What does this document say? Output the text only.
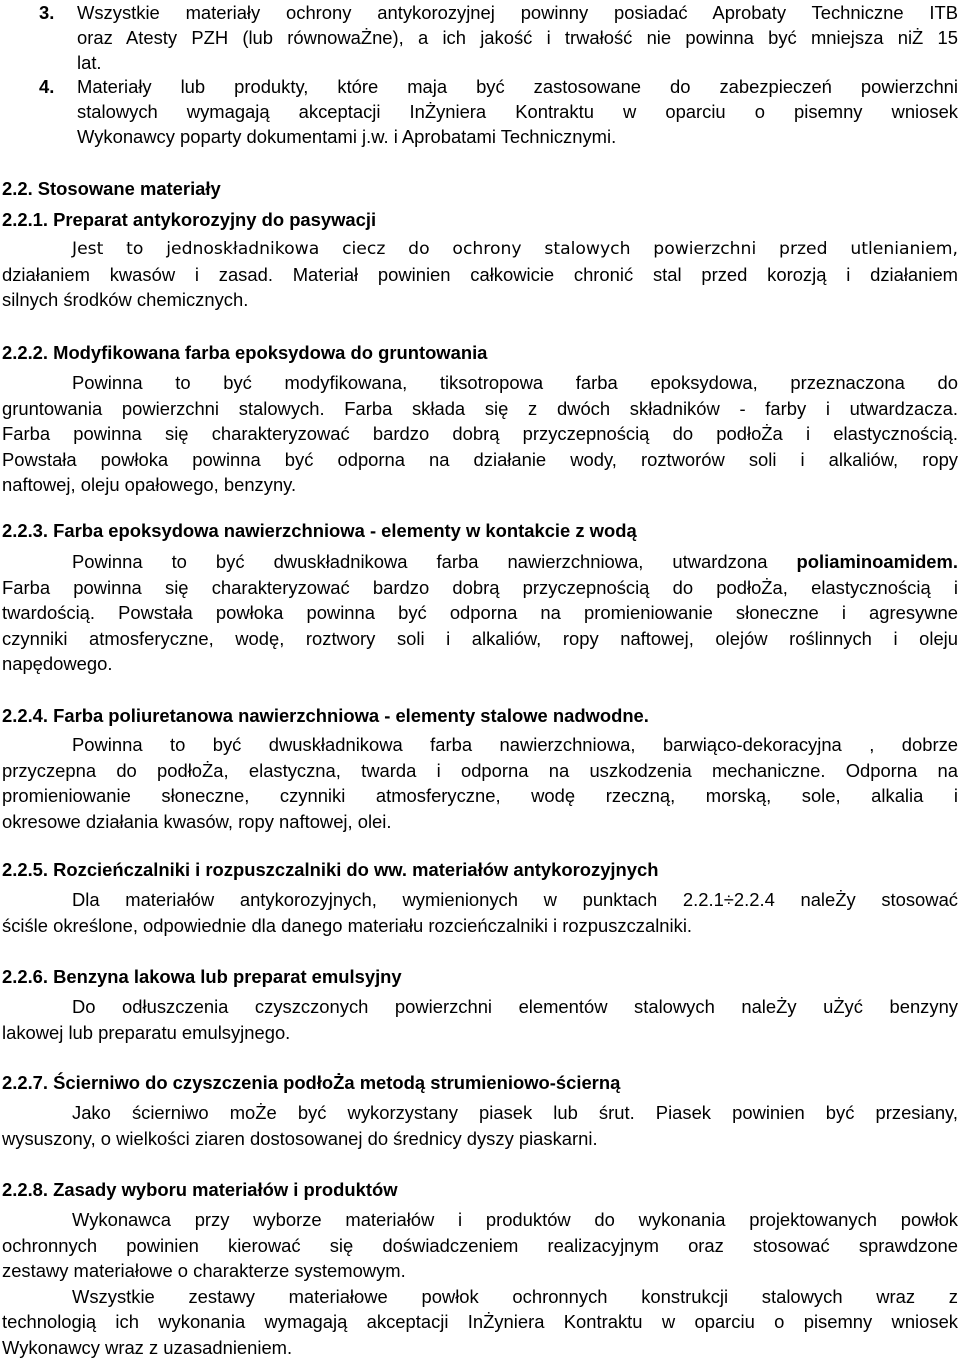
3. Wszystkie materiały ochrony antykorozyjnej powinny posiadać Aprobaty Techniczne ITB
oraz Atesty PZH (lub równowaŻne), a ich jakość i trwałość nie powinna być mniejsza niŻ 15
lat.
4. Materiały lub produkty, które maja być zastosowane do zabezpieczeń powierzchni
stalowych wymagają akceptacji InŻyniera Kontraktu w oparciu o pisemny wniosek
Wykonawcy poparty dokumentami j.w. i Aprobatami Technicznymi.
2.2. Stosowane materiały
2.2.1. Preparat antykorozyjny do pasywacji
Jest to jednoskładnikowa ciecz do ochrony stalowych powierzchni przed utlenianiem,
działaniem kwasów i zasad. Materiał powinien całkowicie chronić stal przed korozją i działaniem
silnych środków chemicznych.
2.2.2. Modyfikowana farba epoksydowa do gruntowania
Powinna to być modyfikowana, tiksotropowa farba epoksydowa, przeznaczona do
gruntowania powierzchni stalowych. Farba składa się z dwóch składników - farby i utwardzacza.
Farba powinna się charakteryzować bardzo dobrą przyczepnością do podłoŻa i elastycznością.
Powstała powłoka powinna być odporna na działanie wody, roztworów soli i alkaliów, ropy
naftowej, oleju opałowego, benzyny.
2.2.3. Farba epoksydowa nawierzchniowa - elementy w kontakcie z wodą
Powinna to być dwuskładnikowa farba nawierzchniowa, utwardzona poliaminoamidem.
Farba powinna się charakteryzować bardzo dobrą przyczepnością do podłoŻa, elastycznością i
twardością. Powstała powłoka powinna być odporna na promieniowanie słoneczne i agresywne
czynniki atmosferyczne, wodę, roztwory soli i alkaliów, ropy naftowej, olejów roślinnych i oleju
napędowego.
2.2.4. Farba poliuretanowa nawierzchniowa - elementy stalowe nadwodne.
Powinna to być dwuskładnikowa farba nawierzchniowa, barwiąco-dekoracyjna , dobrze
przyczepna do podłoŻa, elastyczna, twarda i odporna na uszkodzenia mechaniczne. Odporna na
promieniowanie słoneczne, czynniki atmosferyczne, wodę rzeczną, morską, sole, alkalia i
okresowe działania kwasów, ropy naftowej, olei.
2.2.5. Rozcieńczalniki i rozpuszczalniki do ww. materiałów antykorozyjnych
Dla materiałów antykorozyjnych, wymienionych w punktach 2.2.1÷2.2.4 naleŻy stosować
ściśle określone, odpowiednie dla danego materiału rozcieńczalniki i rozpuszczalniki.
2.2.6. Benzyna lakowa lub preparat emulsyjny
Do odłuszczenia czyszczonych powierzchni elementów stalowych naleŻy uŻyć benzyny
lakowej lub preparatu emulsyjnego.
2.2.7. Ścierniwo do czyszczenia podłoŻa metodą strumieniowo-ścierną
Jako ścierniwo moŻe być wykorzystany piasek lub śrut. Piasek powinien być przesiany,
wysuszony, o wielkości ziaren dostosowanej do średnicy dyszy piaskarni.
2.2.8. Zasady wyboru materiałów i produktów
Wykonawca przy wyborze materiałów i produktów do wykonania projektowanych powłok
ochronnych powinien kierować się doświadczeniem realizacyjnym oraz stosować sprawdzone
zestawy materiałowe o charakterze systemowym.
Wszystkie zestawy materiałowe powłok ochronnych konstrukcji stalowych wraz z
technologią ich wykonania wymagają akceptacji InŻyniera Kontraktu w oparciu o pisemny wniosek
Wykonawcy wraz z uzasadnieniem.
